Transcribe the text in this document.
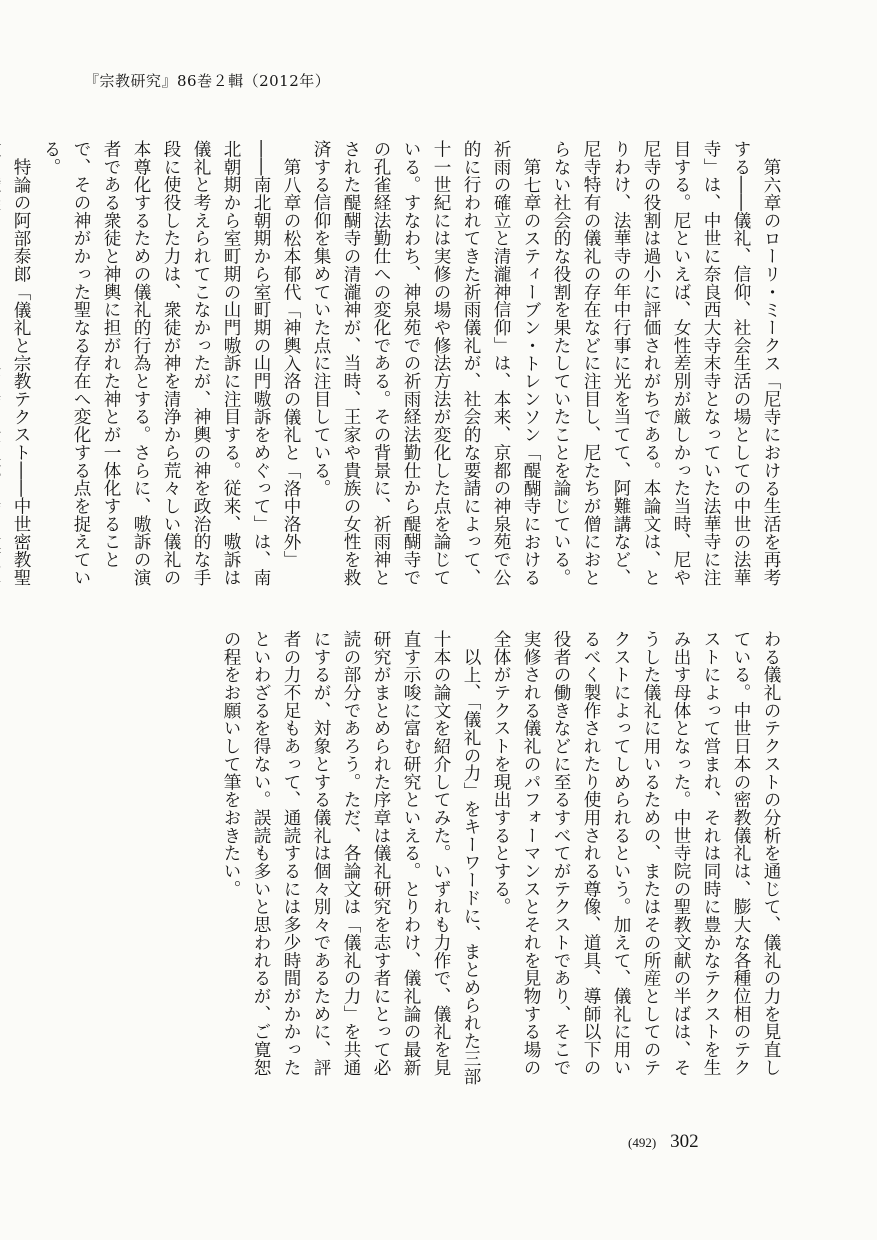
『宗教研究』86巻２輯（2012年）

第六章のローリ・ミークス「尼寺における生活を再考する――儀礼、信仰、社会生活の場としての中世の法華寺」は、中世に奈良西大寺末寺となっていた法華寺に注目する。尼といえば、女性差別が厳しかった当時、尼や尼寺の役割は過小に評価されがちである。本論文は、とりわけ、法華寺の年中行事に光を当てて、阿難講など、尼寺特有の儀礼の存在などに注目し、尼たちが僧におとらない社会的な役割を果たしていたことを論じている。

第七章のスティーブン・トレンソン「醍醐寺における祈雨の確立と清瀧神信仰」は、本来、京都の神泉苑で公的に行われてきた祈雨儀礼が、社会的な要請によって、十一世紀には実修の場や修法方法が変化した点を論じている。すなわち、神泉苑での祈雨経法勤仕から醍醐寺での孔雀経法勤仕への変化である。その背景に、祈雨神とされた醍醐寺の清瀧神が、当時、王家や貴族の女性を救済する信仰を集めていた点に注目している。

第八章の松本郁代「神輿入洛の儀礼と「洛中洛外」――南北朝期から室町期の山門嗷訴をめぐって」は、南北朝期から室町期の山門嗷訴に注目する。従来、嗷訴は儀礼と考えられてこなかったが、神輿の神を政治的な手段に使役した力は、衆徒が神を清浄から荒々しい儀礼の本尊化するための儀礼的行為とする。さらに、嗷訴の演者である衆徒と神輿に担がれた神とが一体化することで、その神がかった聖なる存在へ変化する点を捉えている。

特論の阿部泰郎「儀礼と宗教テクスト――中世密教聖

わる儀礼のテクストの分析を通じて、儀礼の力を見直している。中世日本の密教儀礼は、膨大な各種位相のテクストによって営まれ、それは同時に豊かなテクストを生み出す母体となった。中世寺院の聖教文献の半ばは、そうした儀礼に用いるための、またはその所産としてのテクストによってしめられるという。加えて、儀礼に用いるべく製作されたり使用される尊像、道具、導師以下の役者の働きなどに至るすべてがテクストであり、そこで実修される儀礼のパフォーマンスとそれを見物する場の全体がテクストを現出するとする。

以上、「儀礼の力」をキーワードに、まとめられた三部十本の論文を紹介してみた。いずれも力作で、儀礼を見直す示唆に富む研究といえる。とりわけ、儀礼論の最新研究がまとめられた序章は儀礼研究を志す者にとって必読の部分であろう。ただ、各論文は「儀礼の力」を共通にするが、対象とする儀礼は個々別々であるために、評者の力不足もあって、通読するには多少時間がかかったといわざるを得ない。誤読も多いと思われるが、ご寛恕の程をお願いして筆をおきたい。

(492) 302
